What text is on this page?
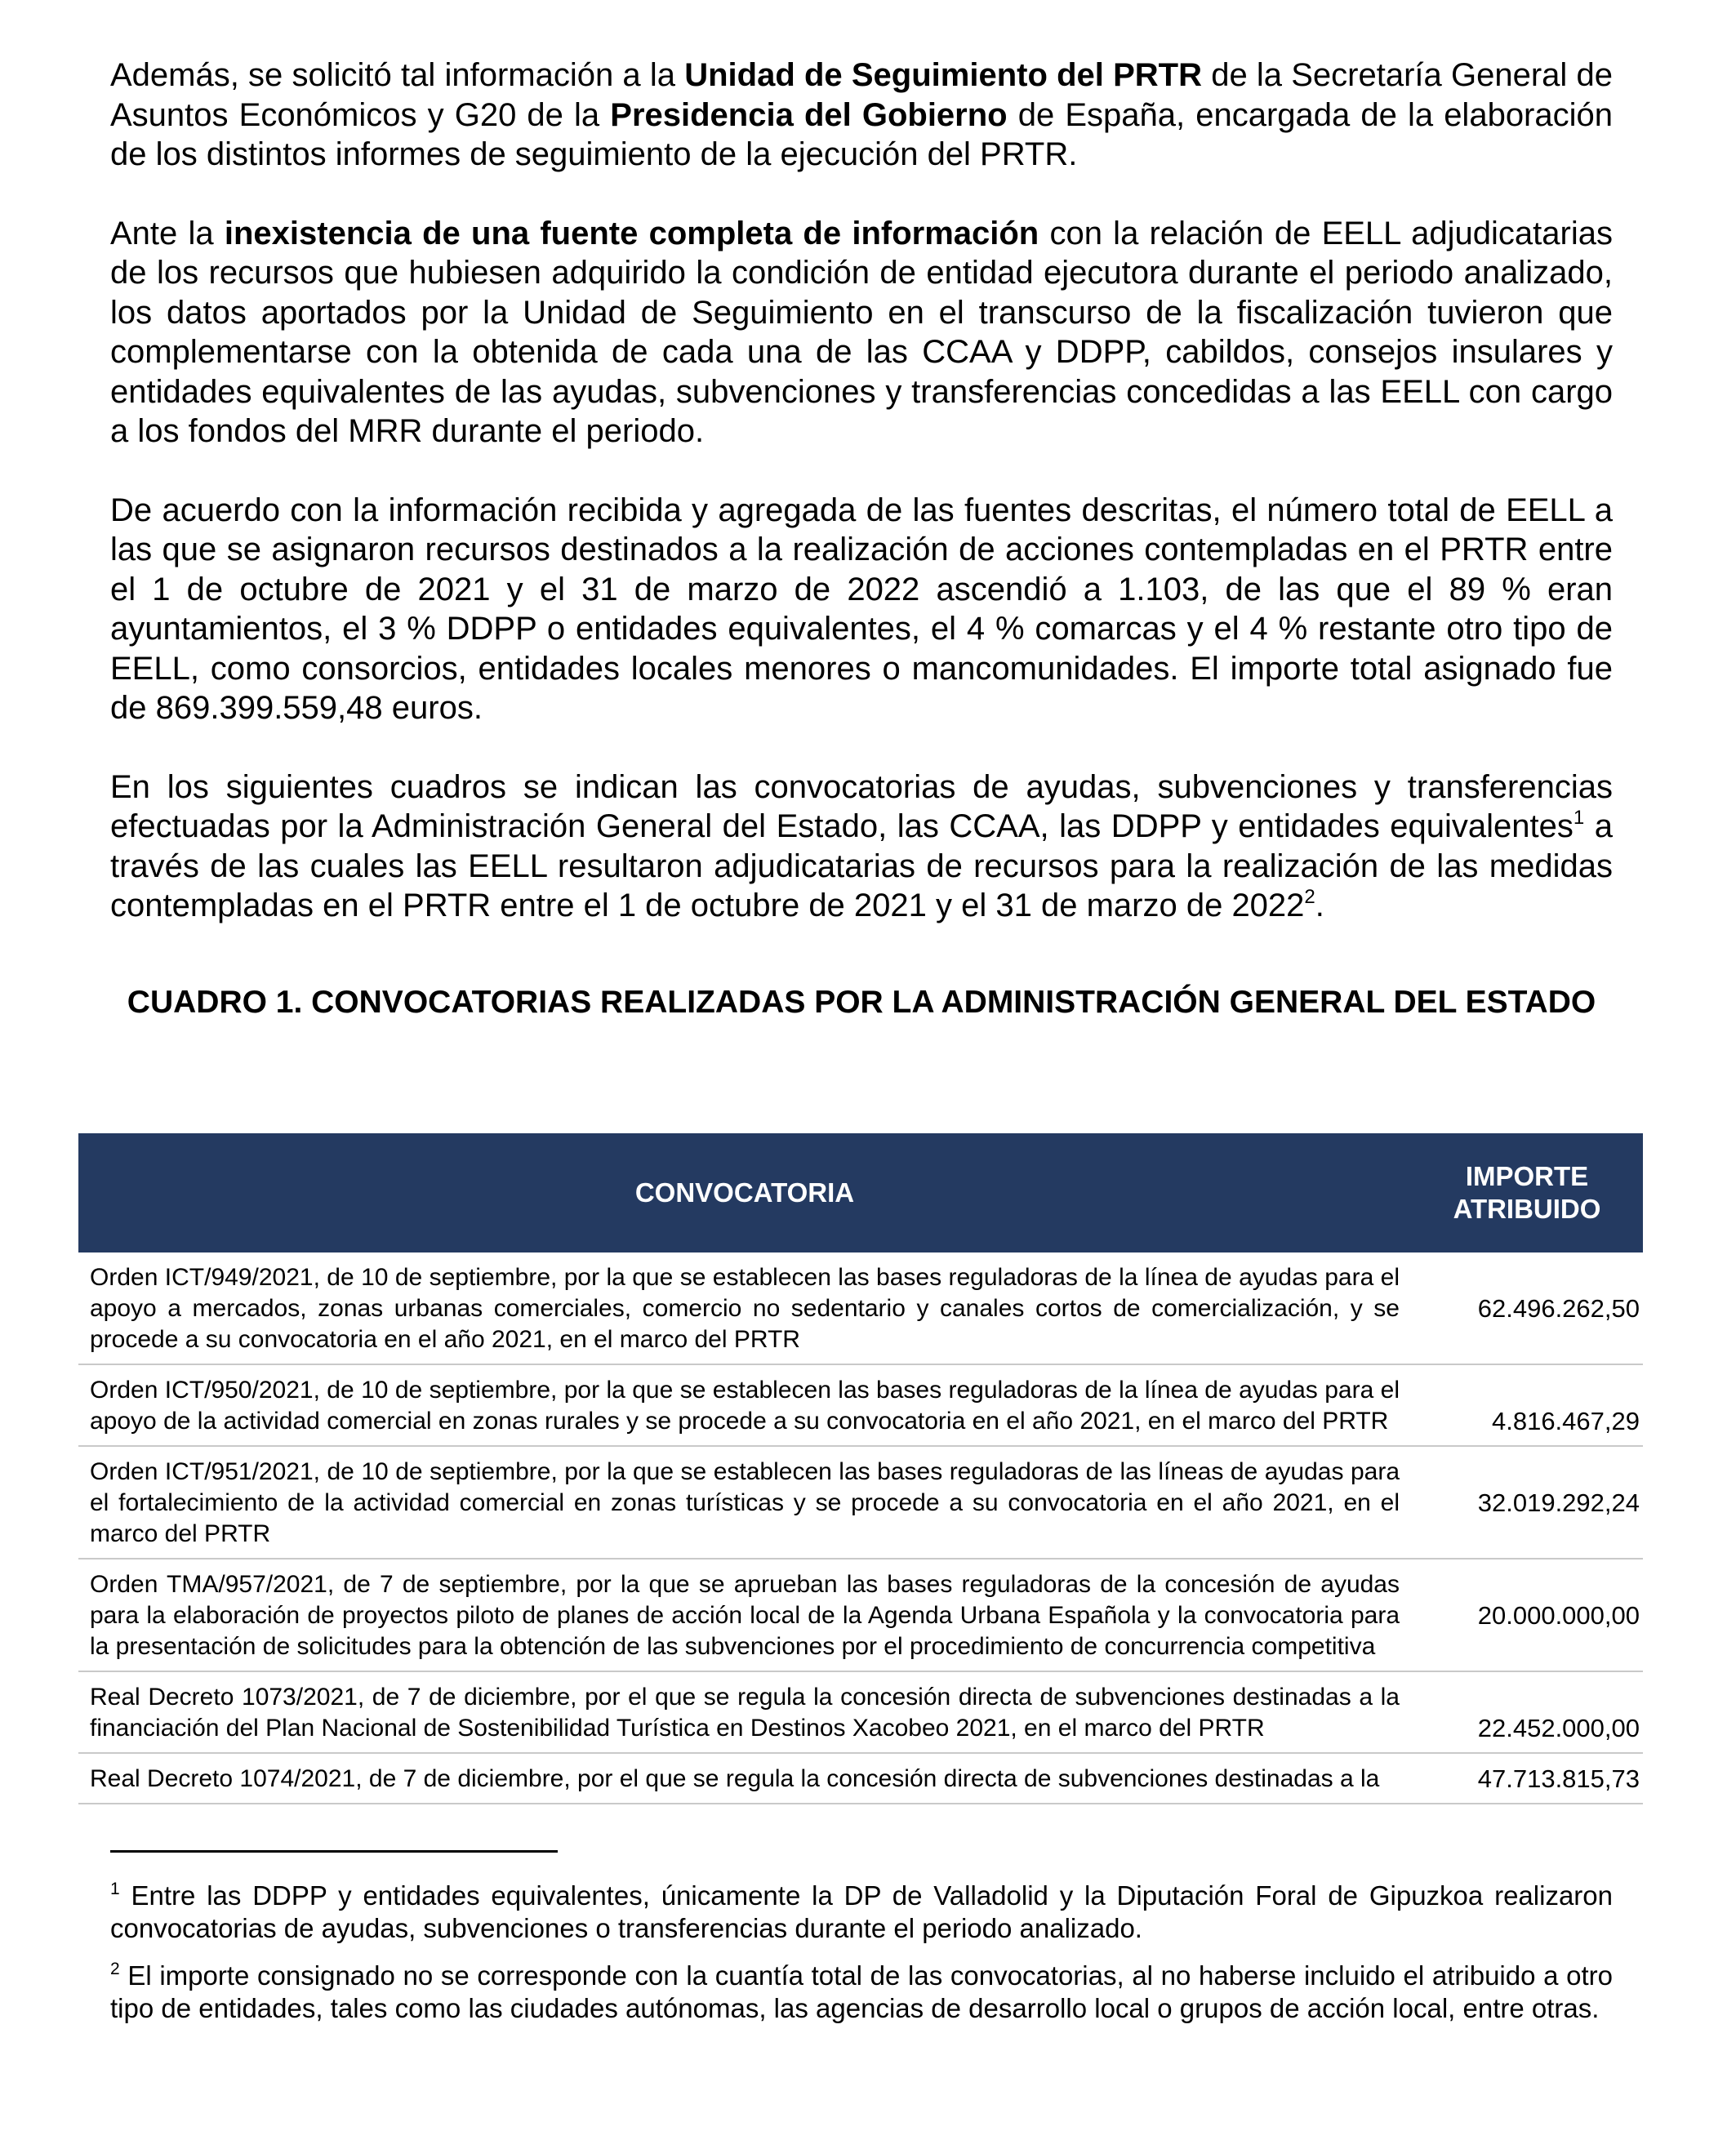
Además, se solicitó tal información a la Unidad de Seguimiento del PRTR de la Secretaría General de Asuntos Económicos y G20 de la Presidencia del Gobierno de España, encargada de la elaboración de los distintos informes de seguimiento de la ejecución del PRTR.

Ante la inexistencia de una fuente completa de información con la relación de EELL adjudicatarias de los recursos que hubiesen adquirido la condición de entidad ejecutora durante el periodo analizado, los datos aportados por la Unidad de Seguimiento en el transcurso de la fiscalización tuvieron que complementarse con la obtenida de cada una de las CCAA y DDPP, cabildos, consejos insulares y entidades equivalentes de las ayudas, subvenciones y transferencias concedidas a las EELL con cargo a los fondos del MRR durante el periodo.

De acuerdo con la información recibida y agregada de las fuentes descritas, el número total de EELL a las que se asignaron recursos destinados a la realización de acciones contempladas en el PRTR entre el 1 de octubre de 2021 y el 31 de marzo de 2022 ascendió a 1.103, de las que el 89 % eran ayuntamientos, el 3 % DDPP o entidades equivalentes, el 4 % comarcas y el 4 % restante otro tipo de EELL, como consorcios, entidades locales menores o mancomunidades. El importe total asignado fue de 869.399.559,48 euros.

En los siguientes cuadros se indican las convocatorias de ayudas, subvenciones y transferencias efectuadas por la Administración General del Estado, las CCAA, las DDPP y entidades equivalentes$^1$ a través de las cuales las EELL resultaron adjudicatarias de recursos para la realización de las medidas contempladas en el PRTR entre el 1 de octubre de 2021 y el 31 de marzo de 2022$^2$.

CUADRO 1. CONVOCATORIAS REALIZADAS POR LA ADMINISTRACIÓN GENERAL DEL ESTADO
CONVOCATORIA	IMPORTE ATRIBUIDO
Orden ICT/949/2021, de 10 de septiembre, por la que se establecen las bases reguladoras de la línea de ayudas para el apoyo a mercados, zonas urbanas comerciales, comercio no sedentario y canales cortos de comercialización, y se procede a su convocatoria en el año 2021, en el marco del PRTR	62.496.262,50
Orden ICT/950/2021, de 10 de septiembre, por la que se establecen las bases reguladoras de la línea de ayudas para el apoyo de la actividad comercial en zonas rurales y se procede a su convocatoria en el año 2021, en el marco del PRTR	4.816.467,29
Orden ICT/951/2021, de 10 de septiembre, por la que se establecen las bases reguladoras de las líneas de ayudas para el fortalecimiento de la actividad comercial en zonas turísticas y se procede a su convocatoria en el año 2021, en el marco del PRTR	32.019.292,24
Orden TMA/957/2021, de 7 de septiembre, por la que se aprueban las bases reguladoras de la concesión de ayudas para la elaboración de proyectos piloto de planes de acción local de la Agenda Urbana Española y la convocatoria para la presentación de solicitudes para la obtención de las subvenciones por el procedimiento de concurrencia competitiva	20.000.000,00
Real Decreto 1073/2021, de 7 de diciembre, por el que se regula la concesión directa de subvenciones destinadas a la financiación del Plan Nacional de Sostenibilidad Turística en Destinos Xacobeo 2021, en el marco del PRTR	22.452.000,00
Real Decreto 1074/2021, de 7 de diciembre, por el que se regula la concesión directa de subvenciones destinadas a la	47.713.815,73

$^1$ Entre las DDPP y entidades equivalentes, únicamente la DP de Valladolid y la Diputación Foral de Gipuzkoa realizaron convocatorias de ayudas, subvenciones o transferencias durante el periodo analizado.

$^2$ El importe consignado no se corresponde con la cuantía total de las convocatorias, al no haberse incluido el atribuido a otro tipo de entidades, tales como las ciudades autónomas, las agencias de desarrollo local o grupos de acción local, entre otras.
